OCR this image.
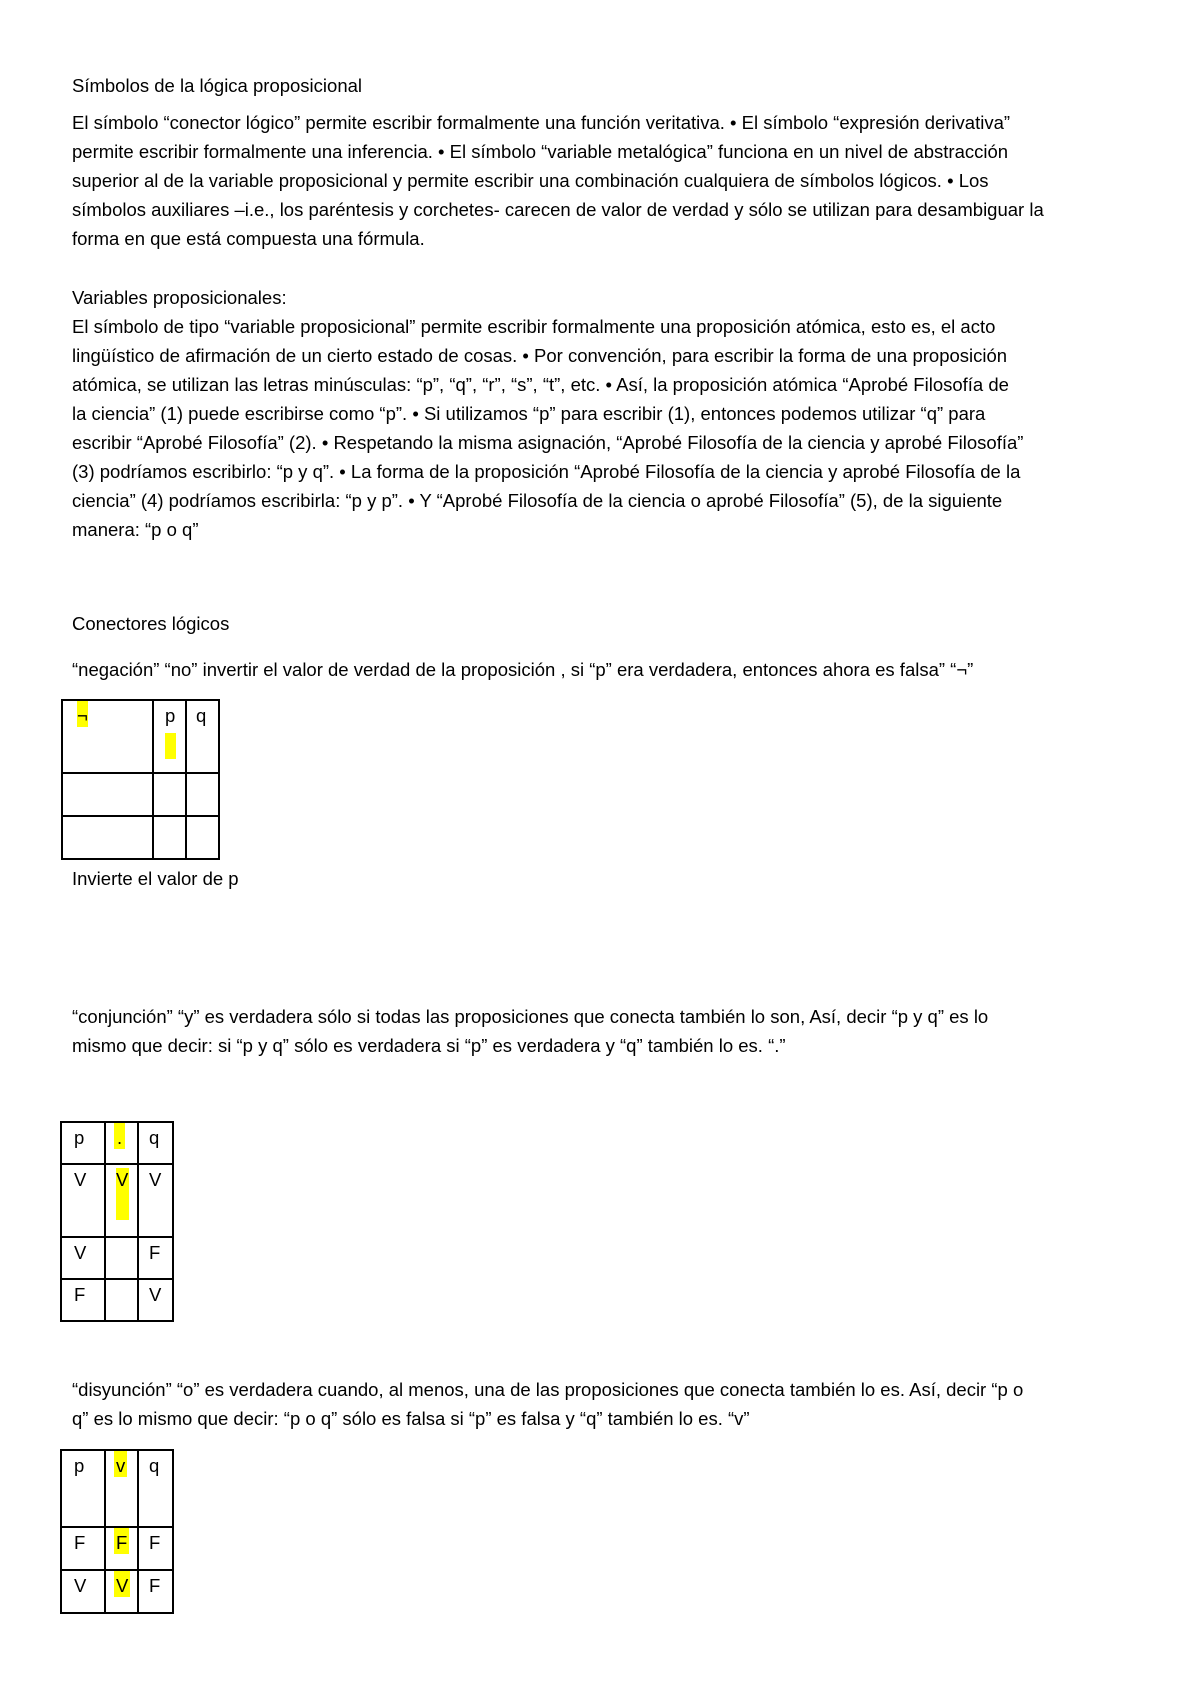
Símbolos de la lógica proposicional
El símbolo “conector lógico” permite escribir formalmente una función veritativa. • El símbolo “expresión derivativa”
permite escribir formalmente una inferencia. • El símbolo “variable metalógica” funciona en un nivel de abstracción
superior al de la variable proposicional y permite escribir una combinación cualquiera de símbolos lógicos. • Los
símbolos auxiliares –i.e., los paréntesis y corchetes- carecen de valor de verdad y sólo se utilizan para desambiguar la
forma en que está compuesta una fórmula.
Variables proposicionales:
El símbolo de tipo “variable proposicional” permite escribir formalmente una proposición atómica, esto es, el acto
lingüístico de afirmación de un cierto estado de cosas. • Por convención, para escribir la forma de una proposición
atómica, se utilizan las letras minúsculas: “p”, “q”, “r”, “s”, “t”, etc. • Así, la proposición atómica “Aprobé Filosofía de
la ciencia” (1) puede escribirse como “p”. • Si utilizamos “p” para escribir (1), entonces podemos utilizar “q” para
escribir “Aprobé Filosofía” (2). • Respetando la misma asignación, “Aprobé Filosofía de la ciencia y aprobé Filosofía”
(3) podríamos escribirlo: “p y q”. • La forma de la proposición “Aprobé Filosofía de la ciencia y aprobé Filosofía de la
ciencia” (4) podríamos escribirla: “p y p”. • Y “Aprobé Filosofía de la ciencia o aprobé Filosofía” (5), de la siguiente
manera: “p o q”
Conectores lógicos
“negación” “no” invertir el valor de verdad de la proposición , si “p” era verdadera, entonces ahora es falsa” “¬”
¬	p	q

Invierte el valor de p
“conjunción” “y” es verdadera sólo si todas las proposiciones que conecta también lo son, Así, decir “p y q” es lo
mismo que decir: si “p y q” sólo es verdadera si “p” es verdadera y “q” también lo es. “.”
p	.	q
V	V	V
V		F
F		V
“disyunción” “o” es verdadera cuando, al menos, una de las proposiciones que conecta también lo es. Así, decir “p o
q” es lo mismo que decir: “p o q” sólo es falsa si “p” es falsa y “q” también lo es. “v”
p	v	q
F	F	F
V	V	F
